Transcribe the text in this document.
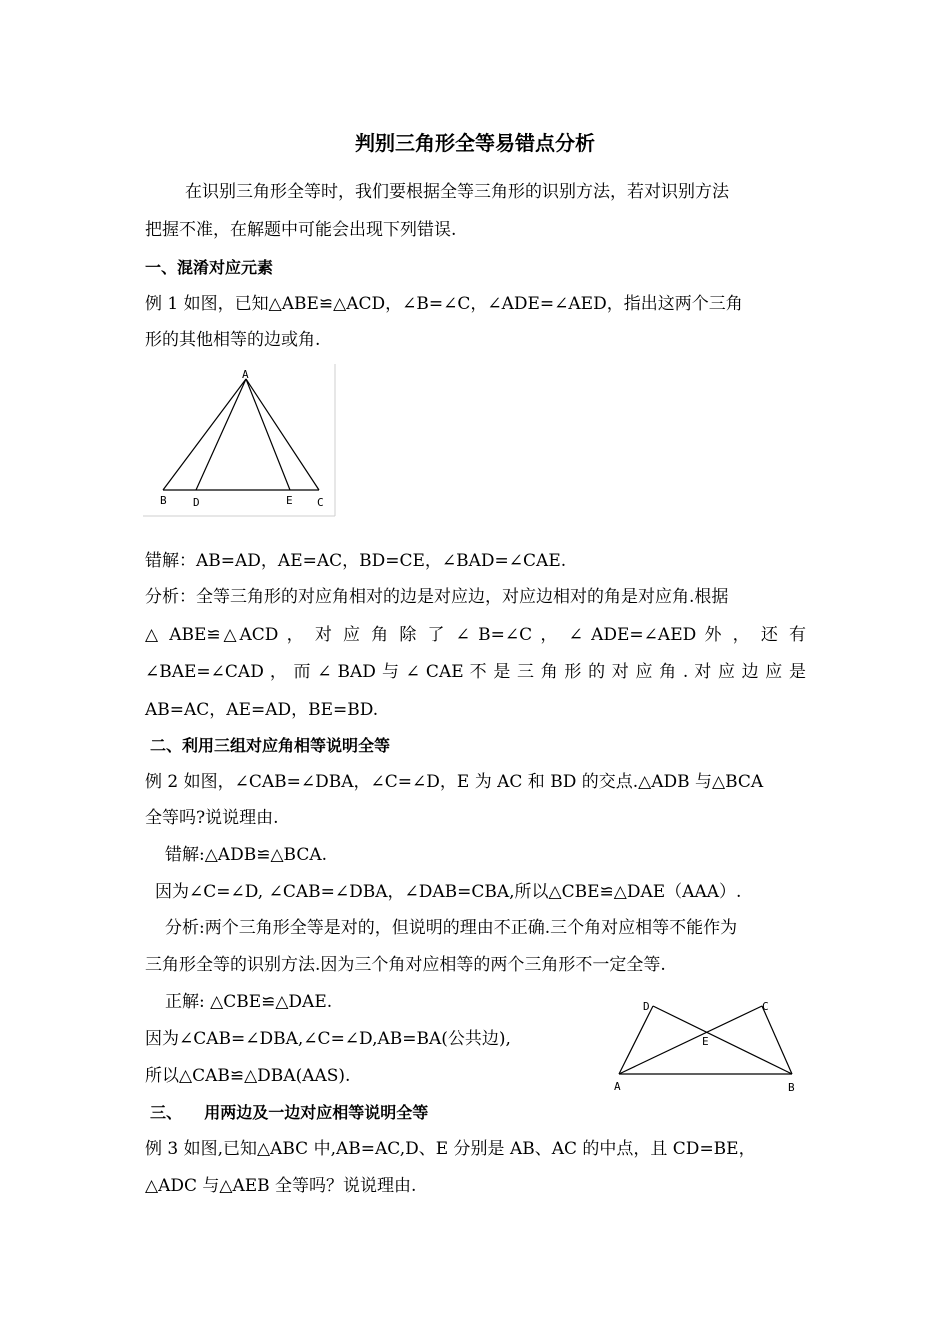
判别三角形全等易错点分析
在识别三角形全等时，我们要根据全等三角形的识别方法，若对识别方法
把握不准，在解题中可能会出现下列错误.
一、混淆对应元素
例 1 如图，已知△ABE≌△ACD，∠B=∠C，∠ADE=∠AED，指出这两个三角
形的其他相等的边或角.
A
B D	E C
错解：AB=AD，AE=AC，BD=CE，∠BAD=∠CAE.
分析：全等三角形的对应角相对的边是对应边，对应边相对的角是对应角.根据
△ ABE≌△ACD ， 对 应 角 除 了 ∠ B=∠C ， ∠ ADE=∠AED 外 ， 还 有
∠BAE=∠CAD ， 而 ∠ BAD 与 ∠ CAE 不 是 三 角 形 的 对 应 角 . 对 应 边 应 是
AB=AC，AE=AD，BE=BD.
二、利用三组对应角相等说明全等
例 2 如图，∠CAB=∠DBA，∠C=∠D，E 为 AC 和 BD 的交点.△ADB 与△BCA
全等吗?说说理由.
错解:△ADB≌△BCA.
因为∠C=∠D, ∠CAB=∠DBA，∠DAB=CBA,所以△CBE≌△DAE（AAA）.
分析:两个三角形全等是对的，但说明的理由不正确.三个角对应相等不能作为
三角形全等的识别方法.因为三个角对应相等的两个三角形不一定全等.
正解: △CBE≌△DAE.
因为∠CAB=∠DBA,∠C=∠D,AB=BA(公共边),
所以△CAB≌△DBA(AAS).
D	C
E
A	B
三、    用两边及一边对应相等说明全等
例 3 如图,已知△ABC 中,AB=AC,D、E 分别是 AB、AC 的中点，且 CD=BE，
△ADC 与△AEB 全等吗？说说理由.
